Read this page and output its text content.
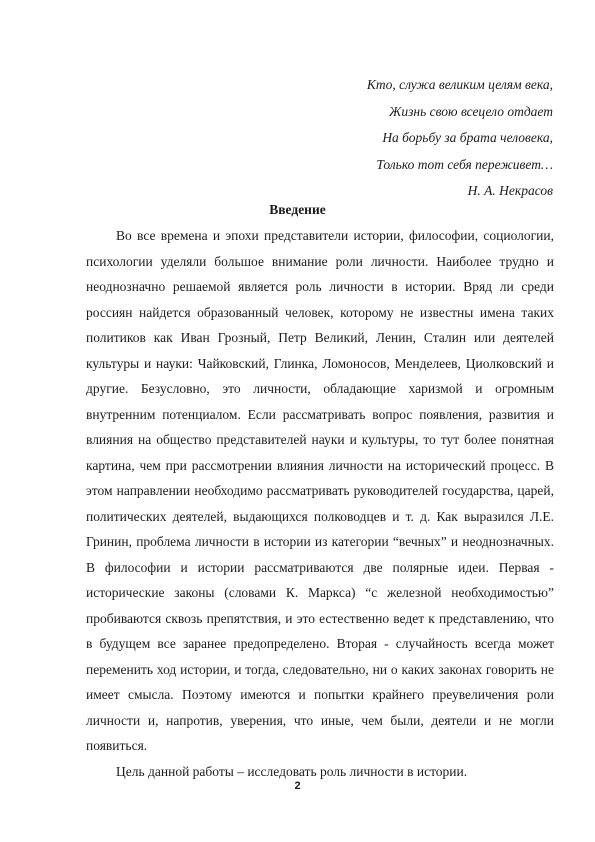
Кто, служа великим целям века,
Жизнь свою всецело отдает
На борьбу за брата человека,
Только тот себя переживет…
Н. А. Некрасов
Введение

Во все времена и эпохи представители истории, философии, социологии, психологии уделяли большое внимание роли личности. Наиболее трудно и неоднозначно решаемой является роль личности в истории. Вряд ли среди россиян найдется образованный человек, которому не известны имена таких политиков как Иван Грозный, Петр Великий, Ленин, Сталин или деятелей культуры и науки: Чайковский, Глинка, Ломоносов, Менделеев, Циолковский и другие. Безусловно, это личности, обладающие харизмой и огромным внутренним потенциалом. Если рассматривать вопрос появления, развития и влияния на общество представителей науки и культуры, то тут более понятная картина, чем при рассмотрении влияния личности на исторический процесс. В этом направлении необходимо рассматривать руководителей государства, царей, политических деятелей, выдающихся полководцев и т. д. Как выразился Л.Е. Гринин, проблема личности в истории из категории “вечных” и неоднозначных. В философии и истории рассматриваются две полярные идеи. Первая - исторические законы (словами К. Маркса) “с железной необходимостью” пробиваются сквозь препятствия, и это естественно ведет к представлению, что в будущем все заранее предопределено. Вторая - случайность всегда может переменить ход истории, и тогда, следовательно, ни о каких законах говорить не имеет смысла. Поэтому имеются и попытки крайнего преувеличения роли личности и, напротив, уверения, что иные, чем были, деятели и не могли появиться.

Цель данной работы – исследовать роль личности в истории.

2
